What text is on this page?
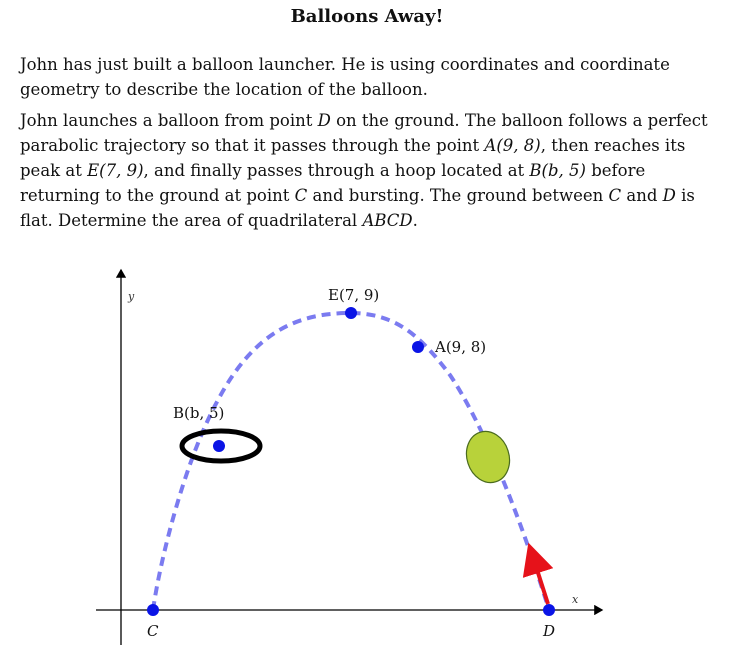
Balloons Away!

John has just built a balloon launcher. He is using coordinates and coordinate geometry to describe the location of the balloon.

John launches a balloon from point D on the ground. The balloon follows a perfect parabolic trajectory so that it passes through the point A(9, 8), then reaches its peak at E(7, 9), and finally passes through a hoop located at B(b, 5) before returning to the ground at point C and bursting. The ground between C and D is flat. Determine the area of quadrilateral ABCD.

y
x
E(7, 9)
A(9, 8)
B(b, 5)
C	D
